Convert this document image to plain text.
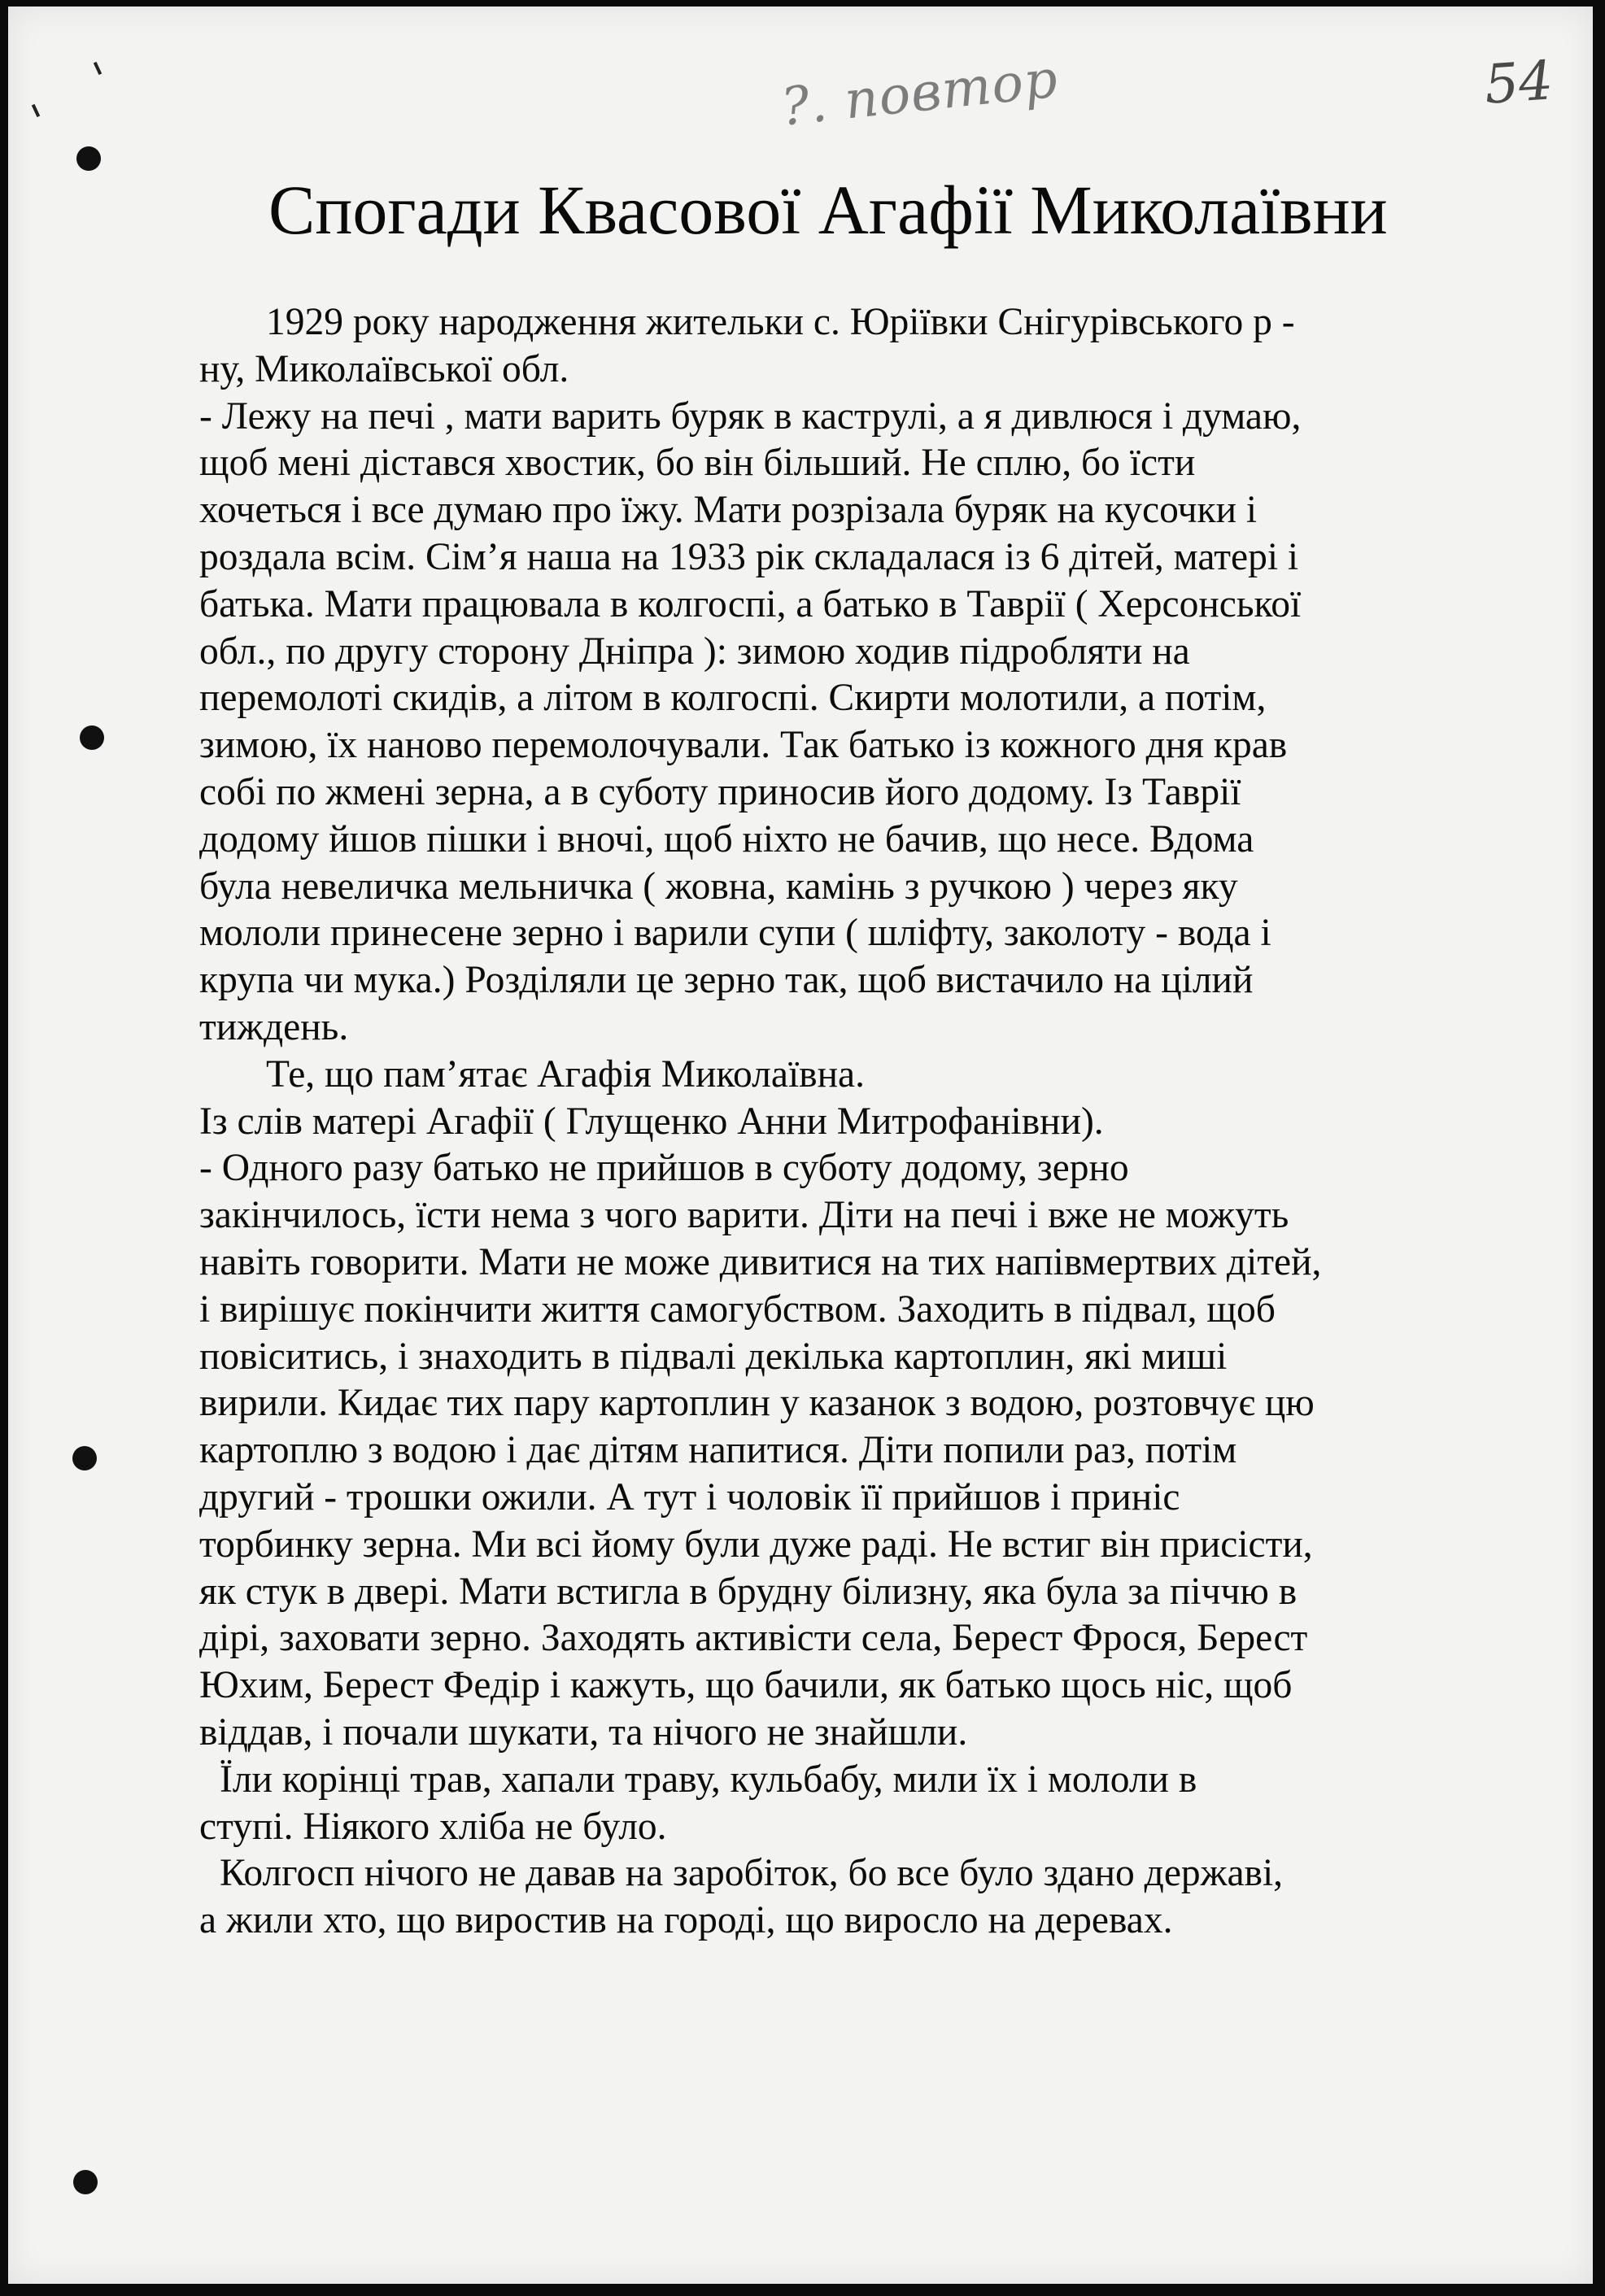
?. повтор	54
Спогади Квасової Агафії Миколаївни

1929 року народження жительки с. Юріївки Снігурівського р -

ну, Миколаївської обл.

- Лежу на печі , мати варить буряк в каструлі, а я дивлюся і думаю,

щоб мені дістався хвостик, бо він більший. Не сплю, бо їсти

хочеться і все думаю про їжу. Мати розрізала буряк на кусочки і

роздала всім. Сім’я наша на 1933 рік складалася із 6 дітей, матері і

батька. Мати працювала в колгоспі, а батько в Таврії ( Херсонської

обл., по другу сторону Дніпра ): зимою ходив підробляти на

перемолоті скидів, а літом в колгоспі. Скирти молотили, а потім,

зимою, їх наново перемолочували. Так батько із кожного дня крав

собі по жмені зерна, а в суботу приносив його додому. Із Таврії

додому йшов пішки і вночі, щоб ніхто не бачив, що несе. Вдома

була невеличка мельничка ( жовна, камінь з ручкою ) через яку

мололи принесене зерно і варили супи ( шліфту, заколоту - вода і

крупа чи мука.) Розділяли це зерно так, щоб вистачило на цілий

тиждень.

Те, що пам’ятає Агафія Миколаївна.

Із слів матері Агафії ( Глущенко Анни Митрофанівни).

- Одного разу батько не прийшов в суботу додому, зерно

закінчилось, їсти нема з чого варити. Діти на печі і вже не можуть

навіть говорити. Мати не може дивитися на тих напівмертвих дітей,

і вирішує покінчити життя самогубством. Заходить в підвал, щоб

повіситись, і знаходить в підвалі декілька картоплин, які миші

вирили. Кидає тих пару картоплин у казанок з водою, розтовчує цю

картоплю з водою і дає дітям напитися. Діти попили раз, потім

другий - трошки ожили. А тут і чоловік її прийшов і приніс

торбинку зерна. Ми всі йому були дуже раді. Не встиг він присісти,

як стук в двері. Мати встигла в брудну білизну, яка була за піччю в

дірі, заховати зерно. Заходять активісти села, Берест Фрося, Берест

Юхим, Берест Федір і кажуть, що бачили, як батько щось ніс, щоб

віддав, і почали шукати, та нічого не знайшли.

Їли корінці трав, хапали траву, кульбабу, мили їх і мололи в

ступі. Ніякого хліба не було.

Колгосп нічого не давав на заробіток, бо все було здано державі,

а жили хто, що виростив на городі, що виросло на деревах.
